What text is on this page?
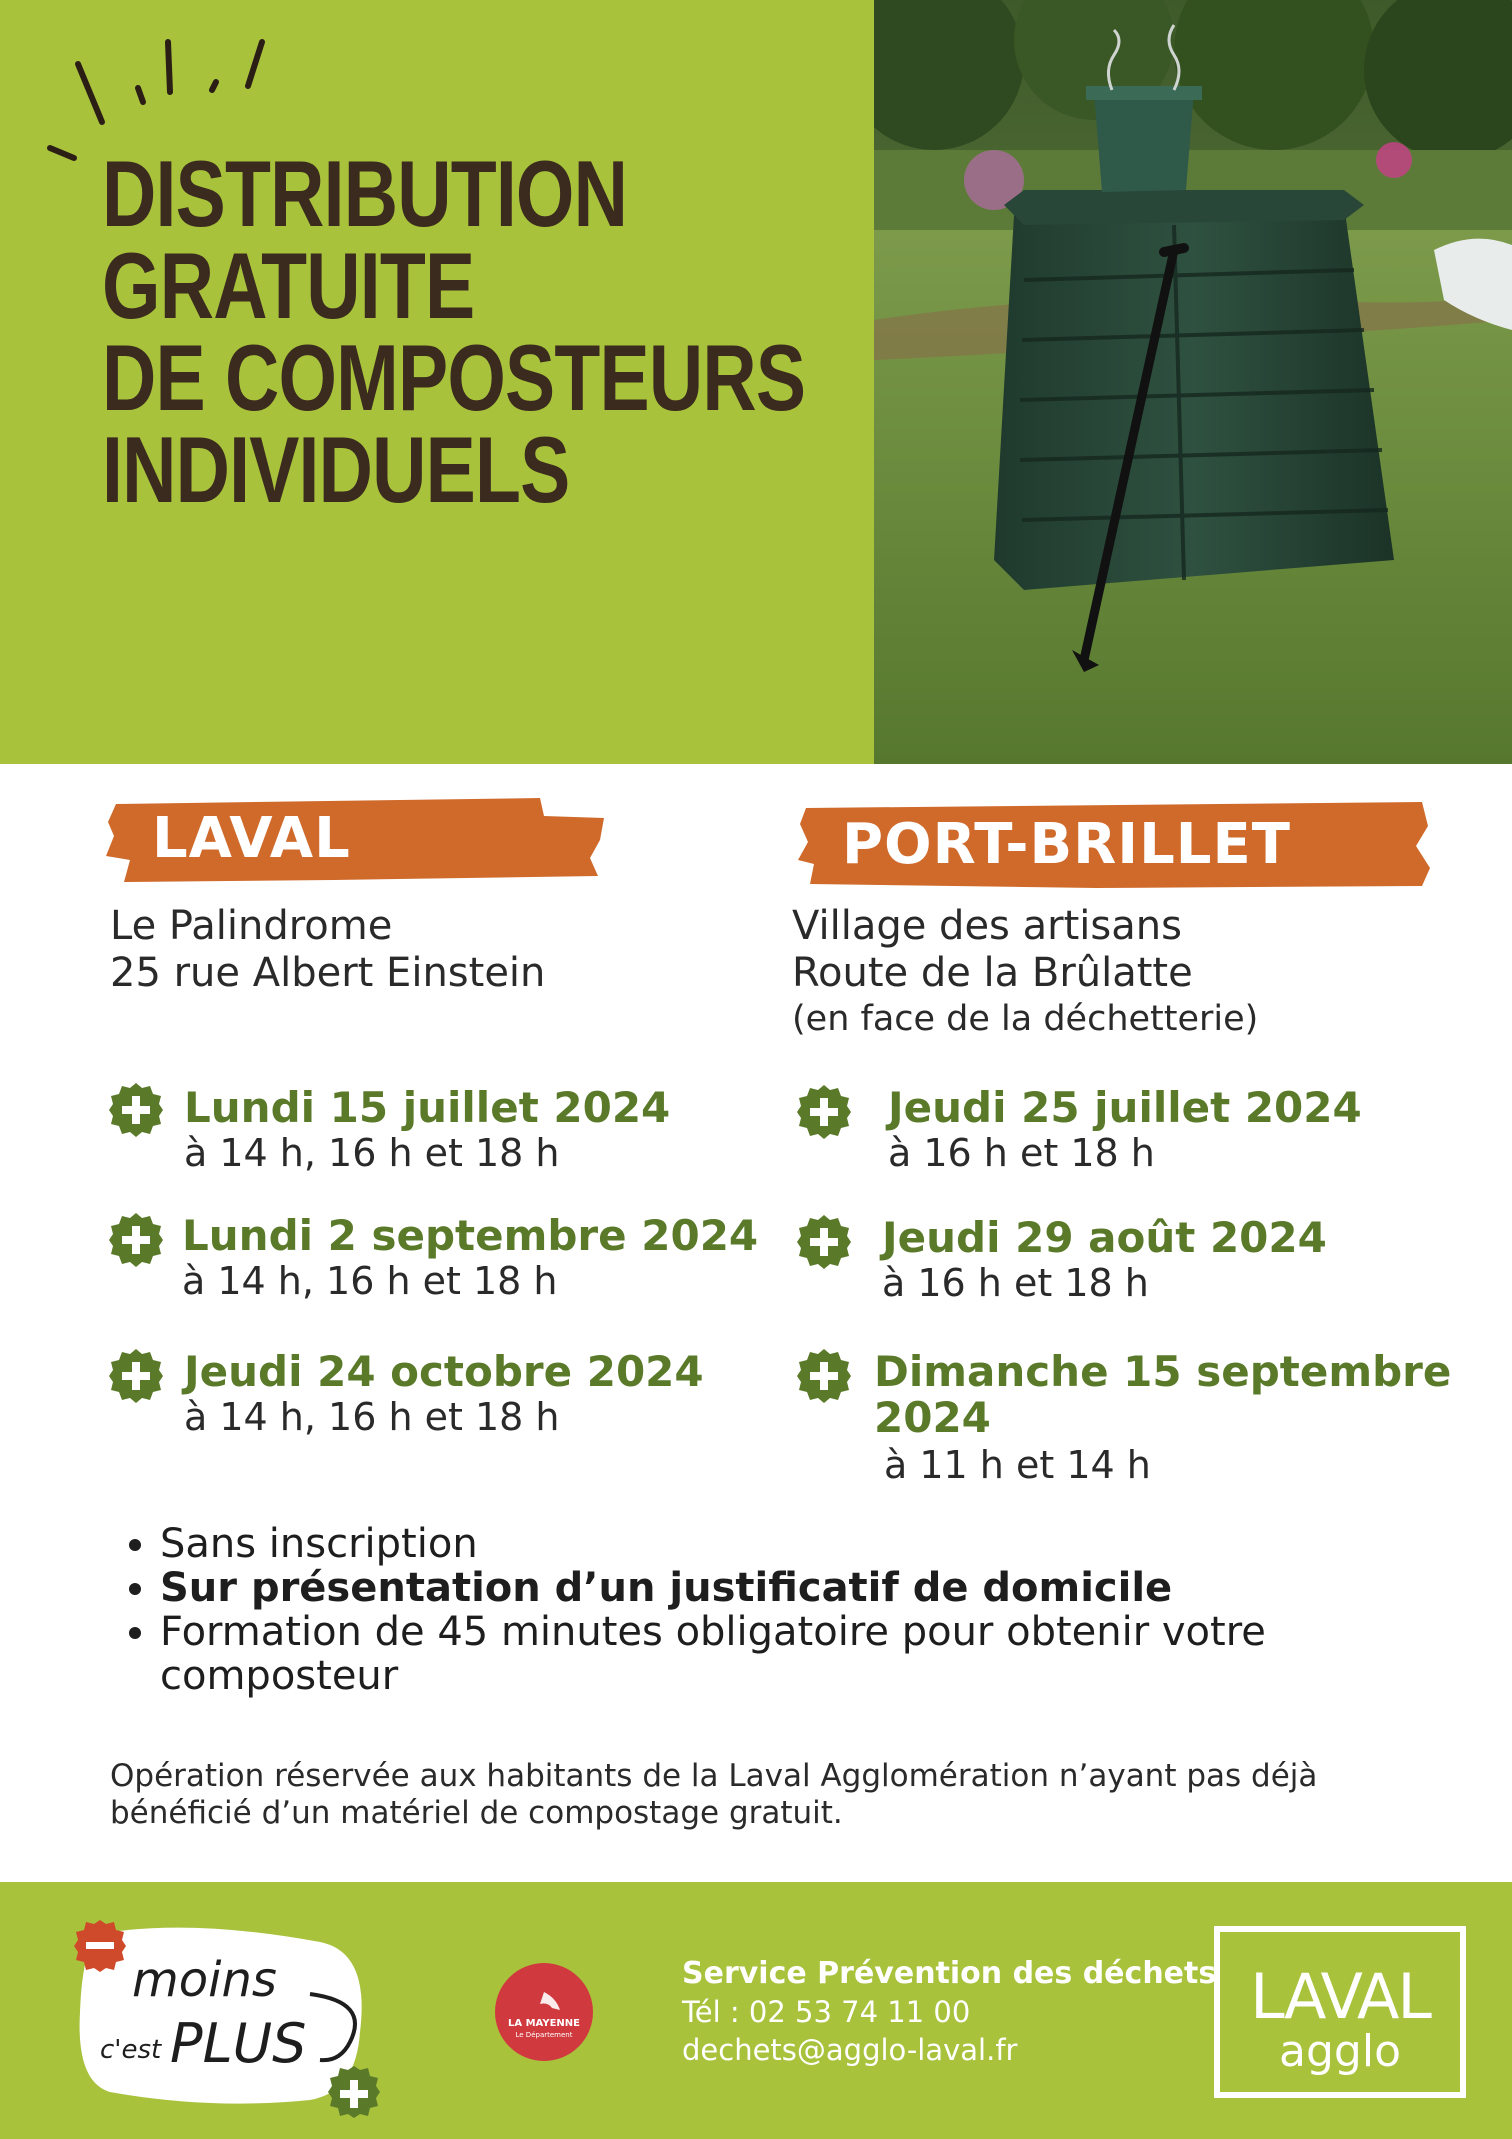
DISTRIBUTION
GRATUITE
DE COMPOSTEURS
INDIVIDUELS
LAVAL	PORT-BRILLET
Le Palindrome
25 rue Albert Einstein
Village des artisans
Route de la Brûlatte
(en face de la déchetterie)
Lundi 15 juillet 2024
à 14 h, 16 h et 18 h
Lundi 2 septembre 2024
à 14 h, 16 h et 18 h
Jeudi 24 octobre 2024
à 14 h, 16 h et 18 h
Jeudi 25 juillet 2024
à 16 h et 18 h
Jeudi 29 août 2024
à 16 h et 18 h
Dimanche 15 septembre
2024
à 11 h et 14 h
• Sans inscription
• Sur présentation d’un justificatif de domicile
• Formation de 45 minutes obligatoire pour obtenir votre composteur
Opération réservée aux habitants de la Laval Agglomération n’ayant pas déjà bénéficié d’un matériel de compostage gratuit.
moins
c'est PLUS	LA MAYENNE
Le Département
Service Prévention des déchets
Tél : 02 53 74 11 00
dechets@agglo-laval.fr
LAVAL
agglo
